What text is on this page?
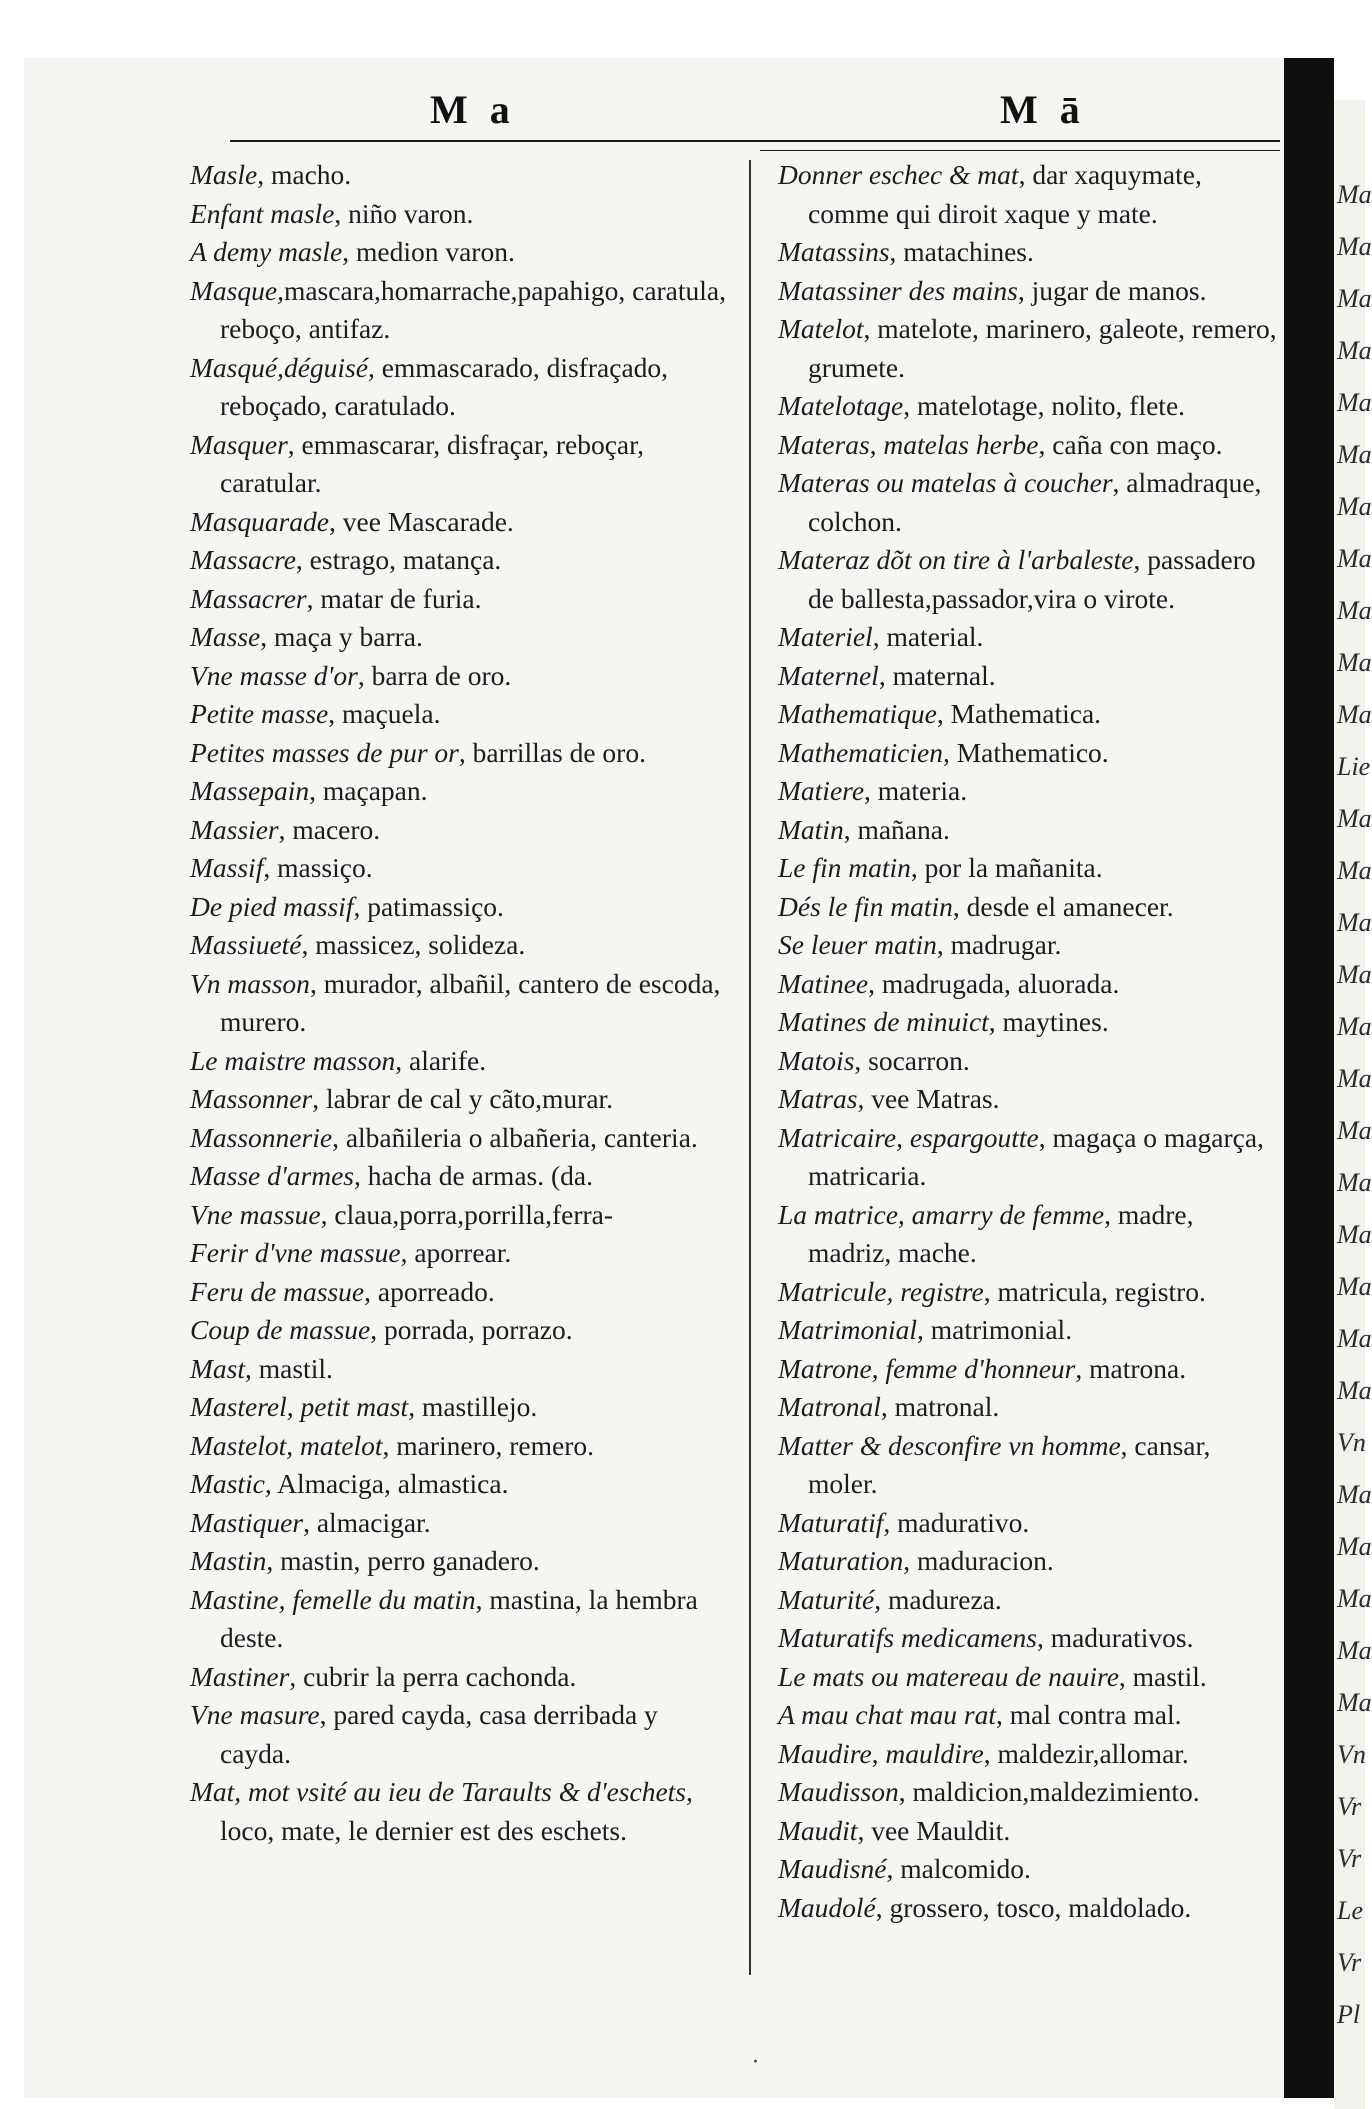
Ma
Ma
Ma
Ma
Ma
Ma
Ma
Ma
Ma
Ma
Ma
Lie
Ma
Ma
Ma
Ma
Ma
Ma
Ma
Ma
Ma
Ma
Ma
Ma
Vn
Ma
Ma
Ma
Ma
Ma
Vn
Vr
Vr
Le
Vr
Pl
M a	M ā
Masle, macho.
Enfant masle, niño varon.
A demy masle, medion varon.
Masque,mascara,homarrache,papahigo, caratula, reboço, antifaz.
Masqué,déguisé, emmascarado, disfraçado, reboçado, caratulado.
Masquer, emmascarar, disfraçar, reboçar, caratular.
Masquarade, vee Mascarade.
Massacre, estrago, matança.
Massacrer, matar de furia.
Masse, maça y barra.
Vne masse d'or, barra de oro.
Petite masse, maçuela.
Petites masses de pur or, barrillas de oro.
Massepain, maçapan.
Massier, macero.
Massif, massiço.
De pied massif, patimassiço.
Massiueté, massicez, solideza.
Vn masson, murador, albañil, cantero de escoda, murero.
Le maistre masson, alarife.
Massonner, labrar de cal y cãto,murar.
Massonnerie, albañileria o albañeria, canteria.
Masse d'armes, hacha de armas. (da.
Vne massue, claua,porra,porrilla,ferra-
Ferir d'vne massue, aporrear.
Feru de massue, aporreado.
Coup de massue, porrada, porrazo.
Mast, mastil.
Masterel, petit mast, mastillejo.
Mastelot, matelot, marinero, remero.
Mastic, Almaciga, almastica.
Mastiquer, almacigar.
Mastin, mastin, perro ganadero.
Mastine, femelle du matin, mastina, la hembra deste.
Mastiner, cubrir la perra cachonda.
Vne masure, pared cayda, casa derribada y cayda.
Mat, mot vsité au ieu de Taraults & d'eschets, loco, mate, le dernier est des eschets.
Donner eschec & mat, dar xaquymate, comme qui diroit xaque y mate.
Matassins, matachines.
Matassiner des mains, jugar de manos.
Matelot, matelote, marinero, galeote, remero, grumete.
Matelotage, matelotage, nolito, flete.
Materas, matelas herbe, caña con maço.
Materas ou matelas à coucher, almadraque, colchon.
Materaz dõt on tire à l'arbaleste, passadero de ballesta,passador,vira o virote.
Materiel, material.
Maternel, maternal.
Mathematique, Mathematica.
Mathematicien, Mathematico.
Matiere, materia.
Matin, mañana.
Le fin matin, por la mañanita.
Dés le fin matin, desde el amanecer.
Se leuer matin, madrugar.
Matinee, madrugada, aluorada.
Matines de minuict, maytines.
Matois, socarron.
Matras, vee Matras.
Matricaire, espargoutte, magaça o magarça, matricaria.
La matrice, amarry de femme, madre, madriz, mache.
Matricule, registre, matricula, registro.
Matrimonial, matrimonial.
Matrone, femme d'honneur, matrona.
Matronal, matronal.
Matter & desconfire vn homme, cansar, moler.
Maturatif, madurativo.
Maturation, maduracion.
Maturité, madureza.
Maturatifs medicamens, madurativos.
Le mats ou matereau de nauire, mastil.
A mau chat mau rat, mal contra mal.
Maudire, mauldire, maldezir,allomar.
Maudisson, maldicion,maldezimiento.
Maudit, vee Mauldit.
Maudisné, malcomido.
Maudolé, grossero, tosco, maldolado.
·
